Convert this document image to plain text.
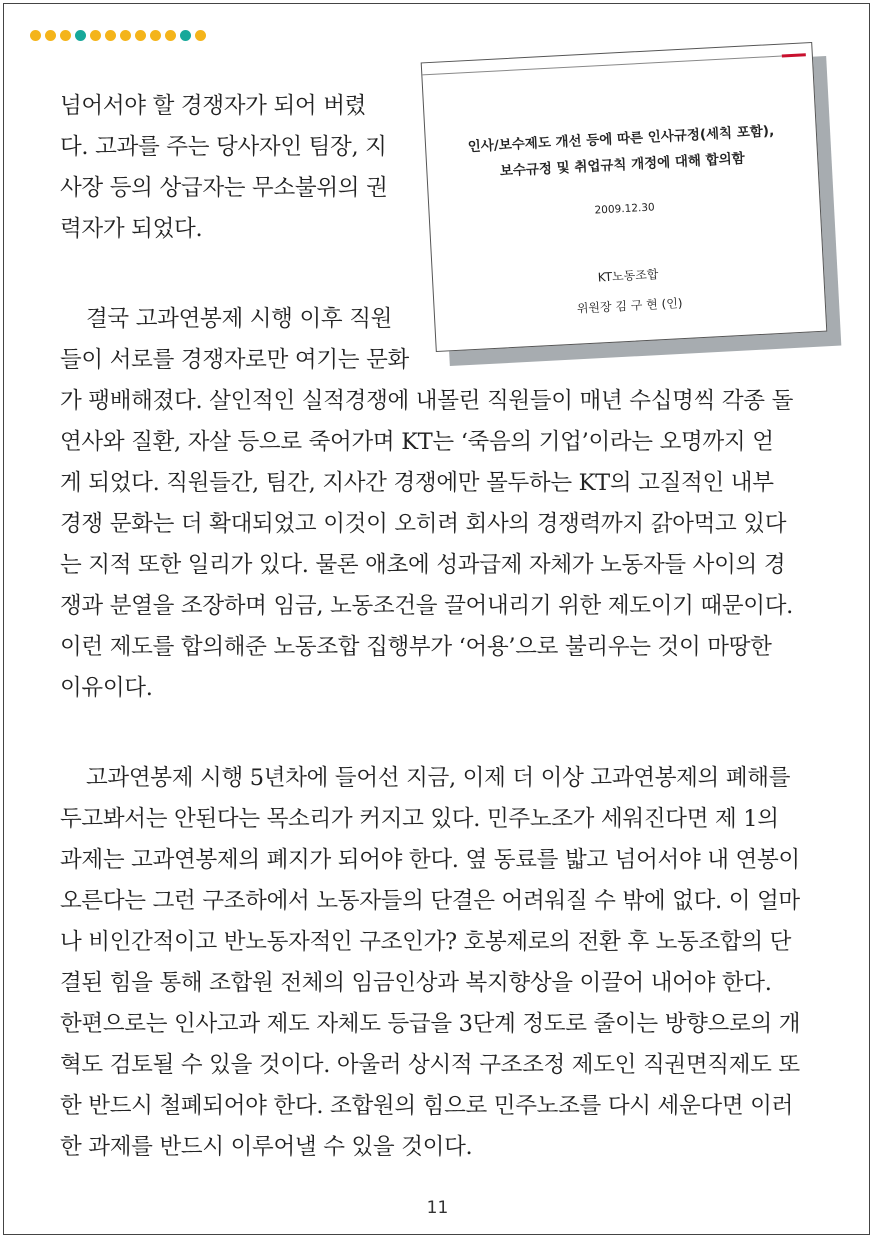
넘어서야 할 경쟁자가 되어 버렸
다. 고과를 주는 당사자인 팀장, 지
사장 등의 상급자는 무소불위의 권
력자가 되었다.
인사/보수제도 개선 등에 따른 인사규정(세칙 포함),
보수규정 및 취업규칙 개정에 대해 합의함
2009.12.30
KT노동조합
위원장 김 구 현 (인)
결국 고과연봉제 시행 이후 직원
들이 서로를 경쟁자로만 여기는 문화
가 팽배해졌다. 살인적인 실적경쟁에 내몰린 직원들이 매년 수십명씩 각종 돌
연사와 질환, 자살 등으로 죽어가며 KT는 ‘죽음의 기업’이라는 오명까지 얻
게 되었다. 직원들간, 팀간, 지사간 경쟁에만 몰두하는 KT의 고질적인 내부
경쟁 문화는 더 확대되었고 이것이 오히려 회사의 경쟁력까지 갉아먹고 있다
는 지적 또한 일리가 있다. 물론 애초에 성과급제 자체가 노동자들 사이의 경
쟁과 분열을 조장하며 임금, 노동조건을 끌어내리기 위한 제도이기 때문이다.
이런 제도를 합의해준 노동조합 집행부가 ‘어용’으로 불리우는 것이 마땅한
이유이다.
고과연봉제 시행 5년차에 들어선 지금, 이제 더 이상 고과연봉제의 폐해를
두고봐서는 안된다는 목소리가 커지고 있다. 민주노조가 세워진다면 제 1의
과제는 고과연봉제의 폐지가 되어야 한다. 옆 동료를 밟고 넘어서야 내 연봉이
오른다는 그런 구조하에서 노동자들의 단결은 어려워질 수 밖에 없다. 이 얼마
나 비인간적이고 반노동자적인 구조인가? 호봉제로의 전환 후 노동조합의 단
결된 힘을 통해 조합원 전체의 임금인상과 복지향상을 이끌어 내어야 한다.
한편으로는 인사고과 제도 자체도 등급을 3단계 정도로 줄이는 방향으로의 개
혁도 검토될 수 있을 것이다. 아울러 상시적 구조조정 제도인 직권면직제도 또
한 반드시 철폐되어야 한다. 조합원의 힘으로 민주노조를 다시 세운다면 이러
한 과제를 반드시 이루어낼 수 있을 것이다.
11
